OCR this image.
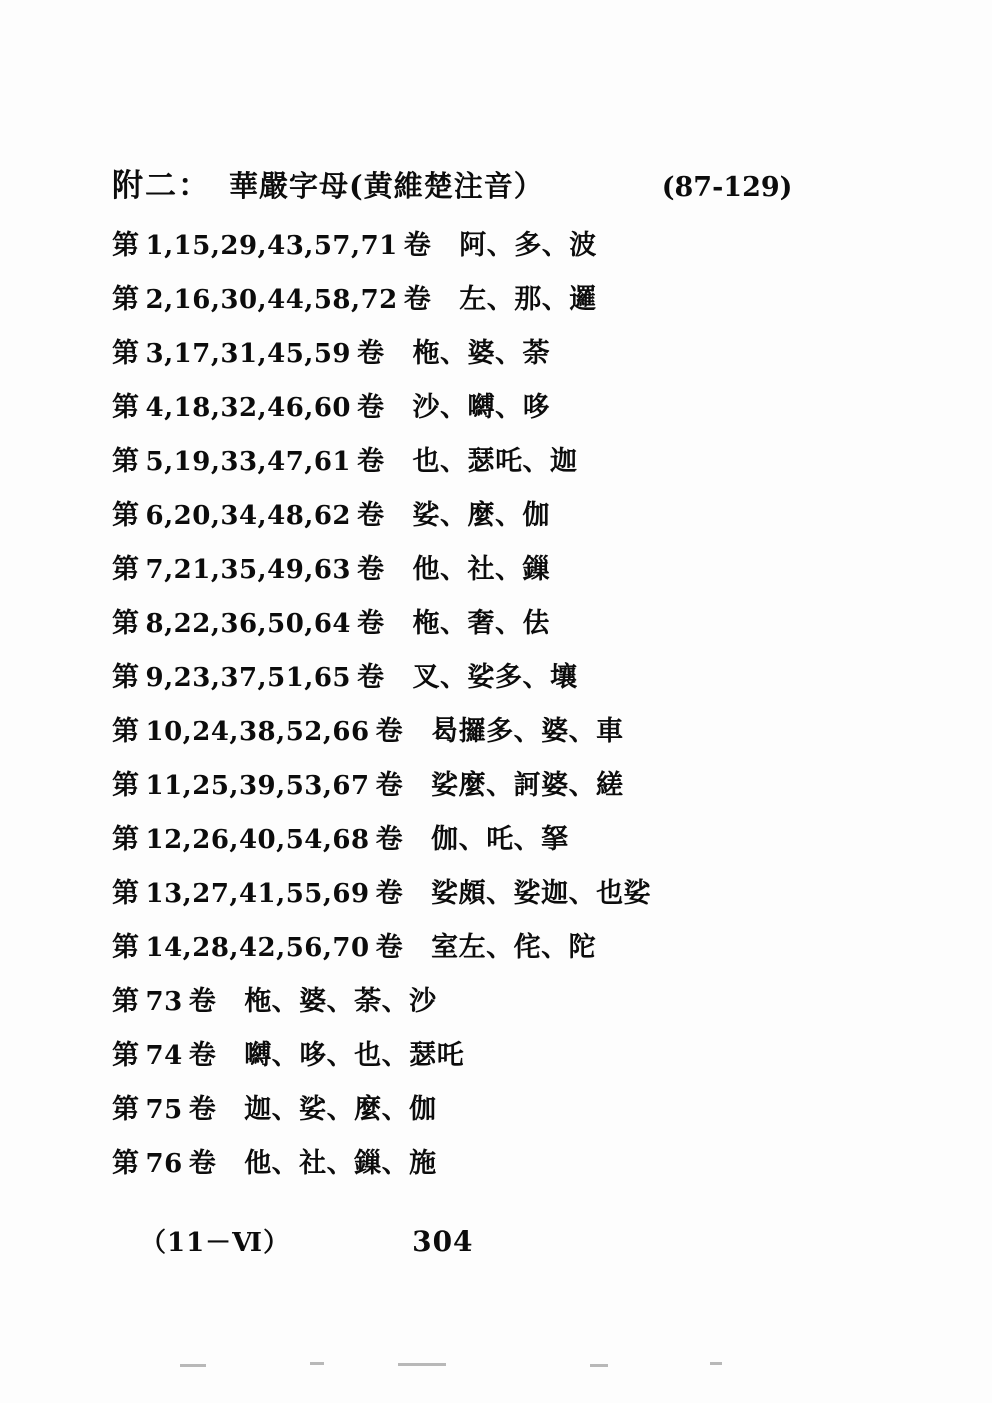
附二： 華嚴字母(黄維楚注音）	(87-129)
第 1,15,29,43,57,71 卷 阿、多、波
第 2,16,30,44,58,72 卷 左、那、邏
第 3,17,31,45,59 卷 柂、婆、荼
第 4,18,32,46,60 卷 沙、嚩、哆
第 5,19,33,47,61 卷 也、瑟吒、迦
第 6,20,34,48,62 卷 娑、麼、伽
第 7,21,35,49,63 卷 他、社、鏁
第 8,22,36,50,64 卷 柂、奢、佉
第 9,23,37,51,65 卷 叉、娑多、壤
第 10,24,38,52,66 卷 曷攞多、婆、車
第 11,25,39,53,67 卷 娑麼、訶婆、縒
第 12,26,40,54,68 卷 伽、吒、拏
第 13,27,41,55,69 卷 娑頗、娑迦、也娑
第 14,28,42,56,70 卷 室左、侘、陀
第 73 卷 柂、婆、荼、沙
第 74 卷 嚩、哆、也、瑟吒
第 75 卷 迦、娑、麼、伽
第 76 卷 他、社、鏁、施
（11－Ⅵ）	304
